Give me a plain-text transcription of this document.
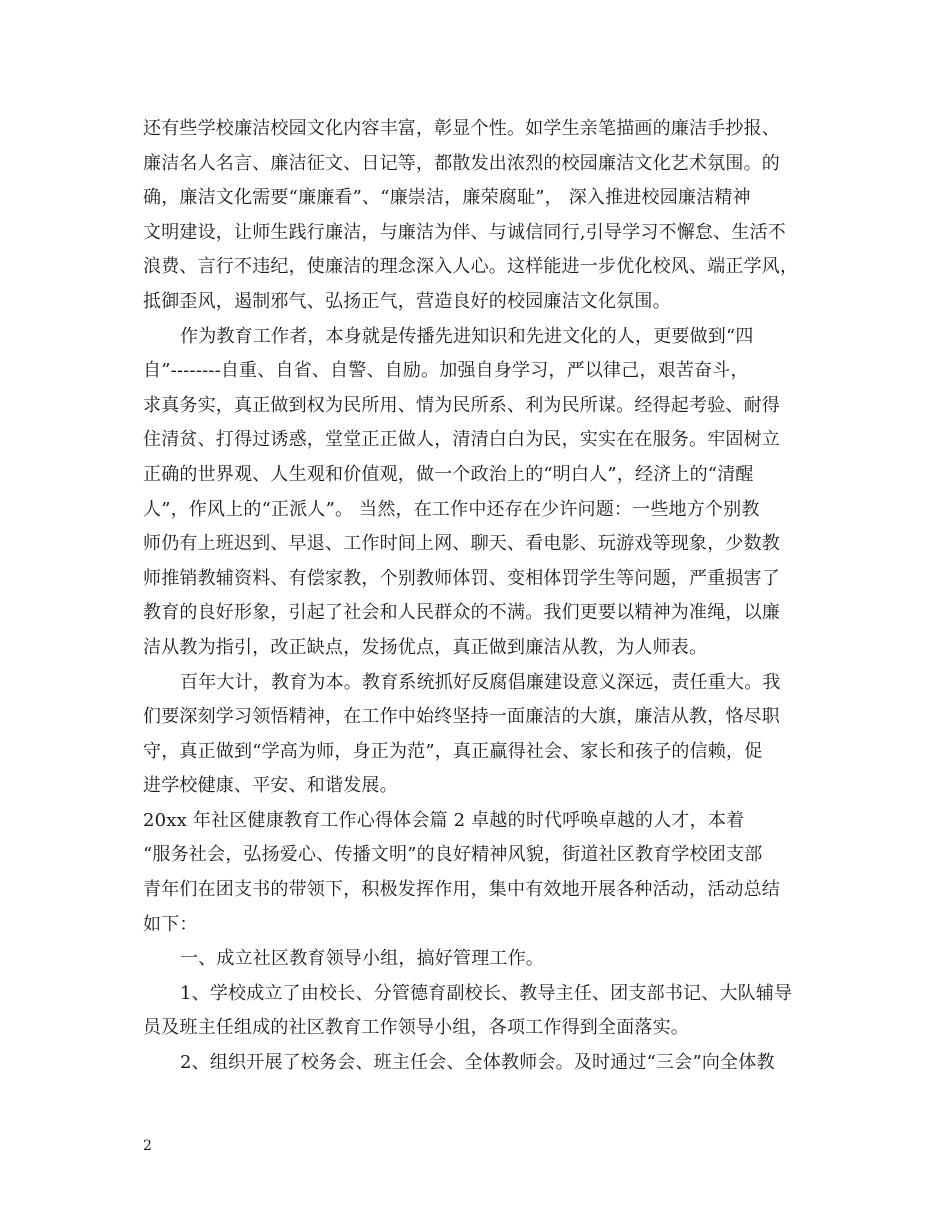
还有些学校廉洁校园文化内容丰富，彰显个性。如学生亲笔描画的廉洁手抄报、
廉洁名人名言、廉洁征文、日记等，都散发出浓烈的校园廉洁文化艺术氛围。的
确，廉洁文化需要“廉廉看”、“廉崇洁，廉荣腐耻”， 深入推进校园廉洁精神
文明建设，让师生践行廉洁，与廉洁为伴、与诚信同行,引导学习不懈怠、生活不
浪费、言行不违纪，使廉洁的理念深入人心。这样能进一步优化校风、端正学风，
抵御歪风，遏制邪气、弘扬正气，营造良好的校园廉洁文化氛围。
作为教育工作者，本身就是传播先进知识和先进文化的人，更要做到“四
自”--------自重、自省、自警、自励。加强自身学习，严以律己，艰苦奋斗，
求真务实，真正做到权为民所用、情为民所系、利为民所谋。经得起考验、耐得
住清贫、打得过诱惑，堂堂正正做人，清清白白为民，实实在在服务。牢固树立
正确的世界观、人生观和价值观，做一个政治上的“明白人”，经济上的“清醒
人”，作风上的“正派人”。 当然，在工作中还存在少许问题：一些地方个别教
师仍有上班迟到、早退、工作时间上网、聊天、看电影、玩游戏等现象，少数教
师推销教辅资料、有偿家教，个别教师体罚、变相体罚学生等问题，严重损害了
教育的良好形象，引起了社会和人民群众的不满。我们更要以精神为准绳，以廉
洁从教为指引，改正缺点，发扬优点，真正做到廉洁从教，为人师表。
百年大计，教育为本。教育系统抓好反腐倡廉建设意义深远，责任重大。我
们要深刻学习领悟精神，在工作中始终坚持一面廉洁的大旗，廉洁从教，恪尽职
守，真正做到“学高为师，身正为范”，真正赢得社会、家长和孩子的信赖，促
进学校健康、平安、和谐发展。
20xx 年社区健康教育工作心得体会篇 2 卓越的时代呼唤卓越的人才，本着
“服务社会，弘扬爱心、传播文明”的良好精神风貌，街道社区教育学校团支部
青年们在团支书的带领下，积极发挥作用，集中有效地开展各种活动，活动总结
如下：
一、成立社区教育领导小组，搞好管理工作。
1、学校成立了由校长、分管德育副校长、教导主任、团支部书记、大队辅导
员及班主任组成的社区教育工作领导小组，各项工作得到全面落实。
2、组织开展了校务会、班主任会、全体教师会。及时通过“三会”向全体教
2
